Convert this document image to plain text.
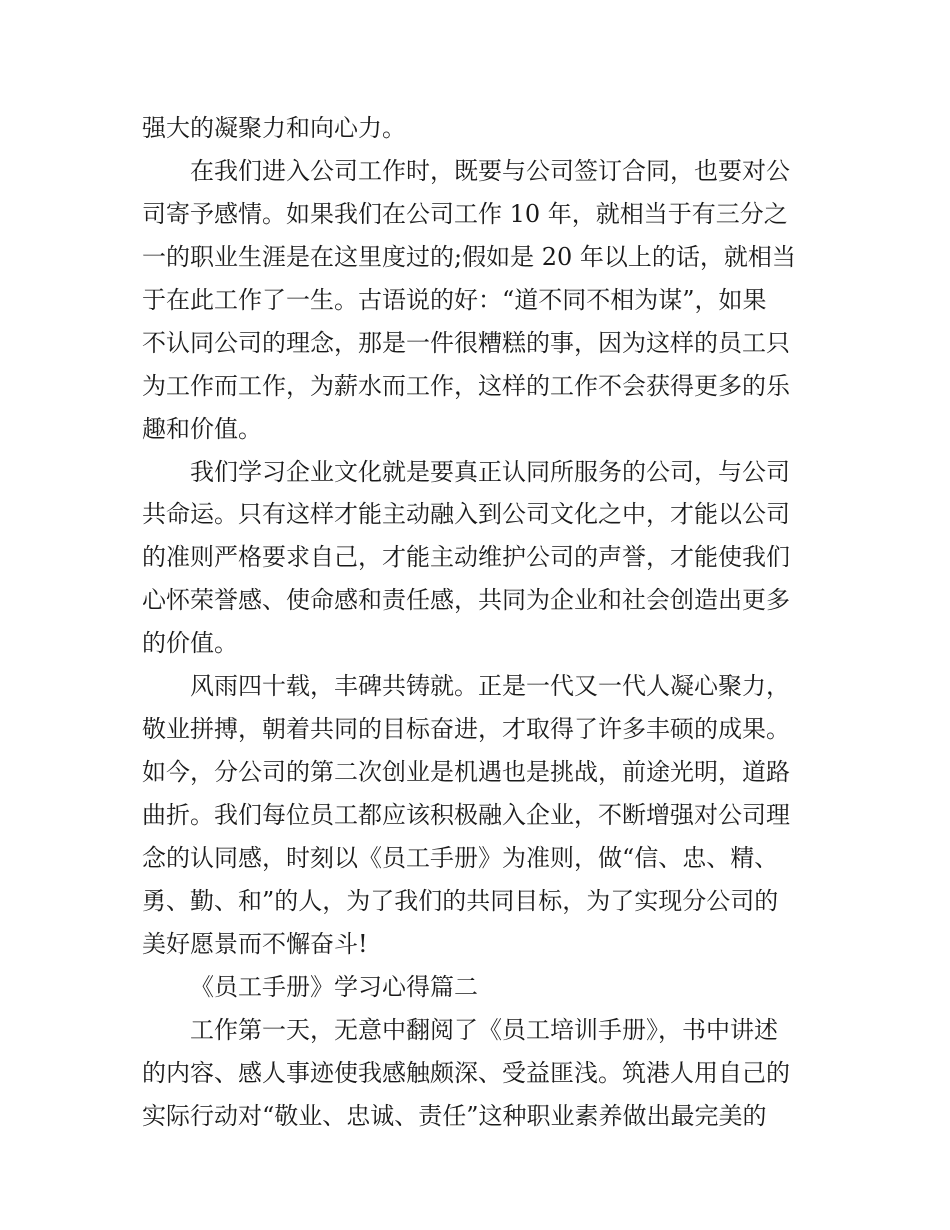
强大的凝聚力和向心力。
在我们进入公司工作时，既要与公司签订合同，也要对公
司寄予感情。如果我们在公司工作 10 年，就相当于有三分之
一的职业生涯是在这里度过的;假如是 20 年以上的话，就相当
于在此工作了一生。古语说的好：“道不同不相为谋”，如果
不认同公司的理念，那是一件很糟糕的事，因为这样的员工只
为工作而工作，为薪水而工作，这样的工作不会获得更多的乐
趣和价值。
我们学习企业文化就是要真正认同所服务的公司，与公司
共命运。只有这样才能主动融入到公司文化之中，才能以公司
的准则严格要求自己，才能主动维护公司的声誉，才能使我们
心怀荣誉感、使命感和责任感，共同为企业和社会创造出更多
的价值。
风雨四十载，丰碑共铸就。正是一代又一代人凝心聚力，
敬业拼搏，朝着共同的目标奋进，才取得了许多丰硕的成果。
如今，分公司的第二次创业是机遇也是挑战，前途光明，道路
曲折。我们每位员工都应该积极融入企业，不断增强对公司理
念的认同感，时刻以《员工手册》为准则，做“信、忠、精、
勇、勤、和”的人，为了我们的共同目标，为了实现分公司的
美好愿景而不懈奋斗!
《员工手册》学习心得篇二
工作第一天，无意中翻阅了《员工培训手册》，书中讲述
的内容、感人事迹使我感触颇深、受益匪浅。筑港人用自己的
实际行动对“敬业、忠诚、责任”这种职业素养做出最完美的
